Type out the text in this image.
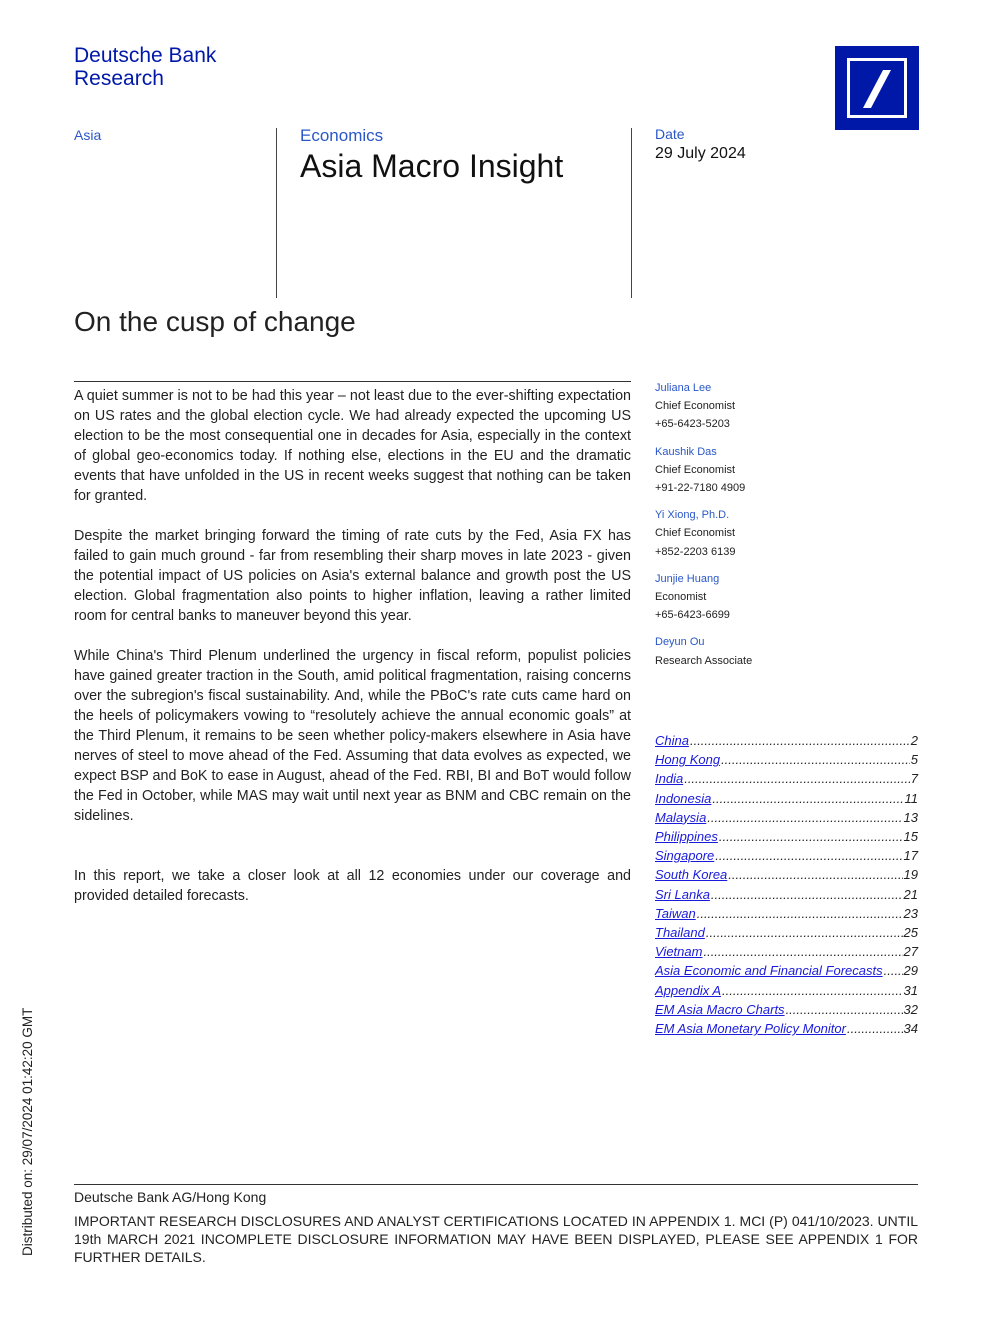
Deutsche Bank
Research
Asia	Economics
Asia Macro Insight
Date
29 July 2024
On the cusp of change

A quiet summer is not to be had this year – not least due to the ever-shifting expectation on US rates and the global election cycle. We had already expected the upcoming US election to be the most consequential one in decades for Asia, especially in the context of global geo-economics today. If nothing else, elections in the EU and the dramatic events that have unfolded in the US in recent weeks suggest that nothing can be taken for granted.

Despite the market bringing forward the timing of rate cuts by the Fed, Asia FX has failed to gain much ground - far from resembling their sharp moves in late 2023 - given the potential impact of US policies on Asia's external balance and growth post the US election. Global fragmentation also points to higher inflation, leaving a rather limited room for central banks to maneuver beyond this year.

While China's Third Plenum underlined the urgency in fiscal reform, populist policies have gained greater traction in the South, amid political fragmentation, raising concerns over the subregion's fiscal sustainability. And, while the PBoC's rate cuts came hard on the heels of policymakers vowing to “resolutely achieve the annual economic goals” at the Third Plenum, it remains to be seen whether policy-makers elsewhere in Asia have nerves of steel to move ahead of the Fed. Assuming that data evolves as expected, we expect BSP and BoK to ease in August, ahead of the Fed. RBI, BI and BoT would follow the Fed in October, while MAS may wait until next year as BNM and CBC remain on the sidelines.

In this report, we take a closer look at all 12 economies under our coverage and provided detailed forecasts.

Juliana Lee
Chief Economist
+65-6423-5203
Kaushik Das
Chief Economist
+91-22-7180 4909
Yi Xiong, Ph.D.
Chief Economist
+852-2203 6139
Junjie Huang
Economist
+65-6423-6699
Deyun Ou
Research Associate
China .....	2
Hong Kong .....	5
India .....	7
Indonesia .....	11
Malaysia .....	13
Philippines .....	15
Singapore .....	17
South Korea .....	19
Sri Lanka .....	21
Taiwan .....	23
Thailand .....	25
Vietnam .....	27
Asia Economic and Financial Forecasts ..... 29
Appendix A .....	31
EM Asia Macro Charts .....	32
EM Asia Monetary Policy Monitor .....	34
Deutsche Bank AG/Hong Kong
IMPORTANT RESEARCH DISCLOSURES AND ANALYST CERTIFICATIONS LOCATED IN APPENDIX 1. MCI (P) 041/10/2023. UNTIL 19th MARCH 2021 INCOMPLETE DISCLOSURE INFORMATION MAY HAVE BEEN DISPLAYED, PLEASE SEE APPENDIX 1 FOR FURTHER DETAILS.
Distributed on: 29/07/2024 01:42:20 GMT
